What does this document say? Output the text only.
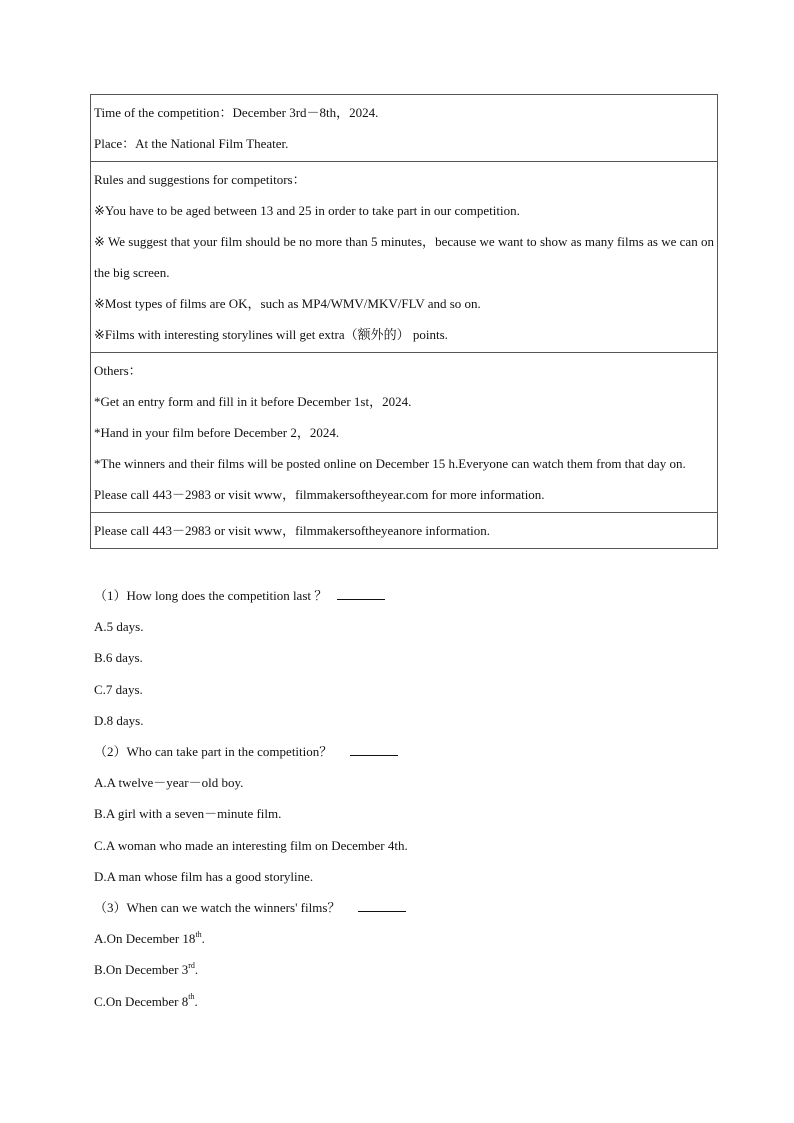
Time of the competition：December 3rd－8th，2024.
Place：At the National Film Theater.

Rules and suggestions for competitors：
※You have to be aged between 13 and 25 in order to take part in our competition.
※ We suggest that your film should be no more than 5 minutes，because we want to show as many films as we can on the big screen.
※Most types of films are OK，such as MP4/WMV/MKV/FLV and so on.
※Films with interesting storylines will get extra（额外的） points.

Others：
*Get an entry form and fill in it before December 1st，2024.
*Hand in your film before December 2，2024.
*The winners and their films will be posted online on December 15 h.Everyone can watch them from that day on.
Please call 443－2983 or visit www，filmmakersoftheyear.com for more information.

Please call 443－2983 or visit www，filmmakersoftheyeanore information.
（1）How long does the competition last ？
A.5 days.
B.6 days.
C.7 days.
D.8 days.
（2）Who can take part in the competition？
A.A twelve－year－old boy.
B.A girl with a seven－minute film.
C.A woman who made an interesting film on December 4th.
D.A man whose film has a good storyline.
（3）When can we watch the winners' films？
A.On December 18th.
B.On December 3rd.
C.On December 8th.
